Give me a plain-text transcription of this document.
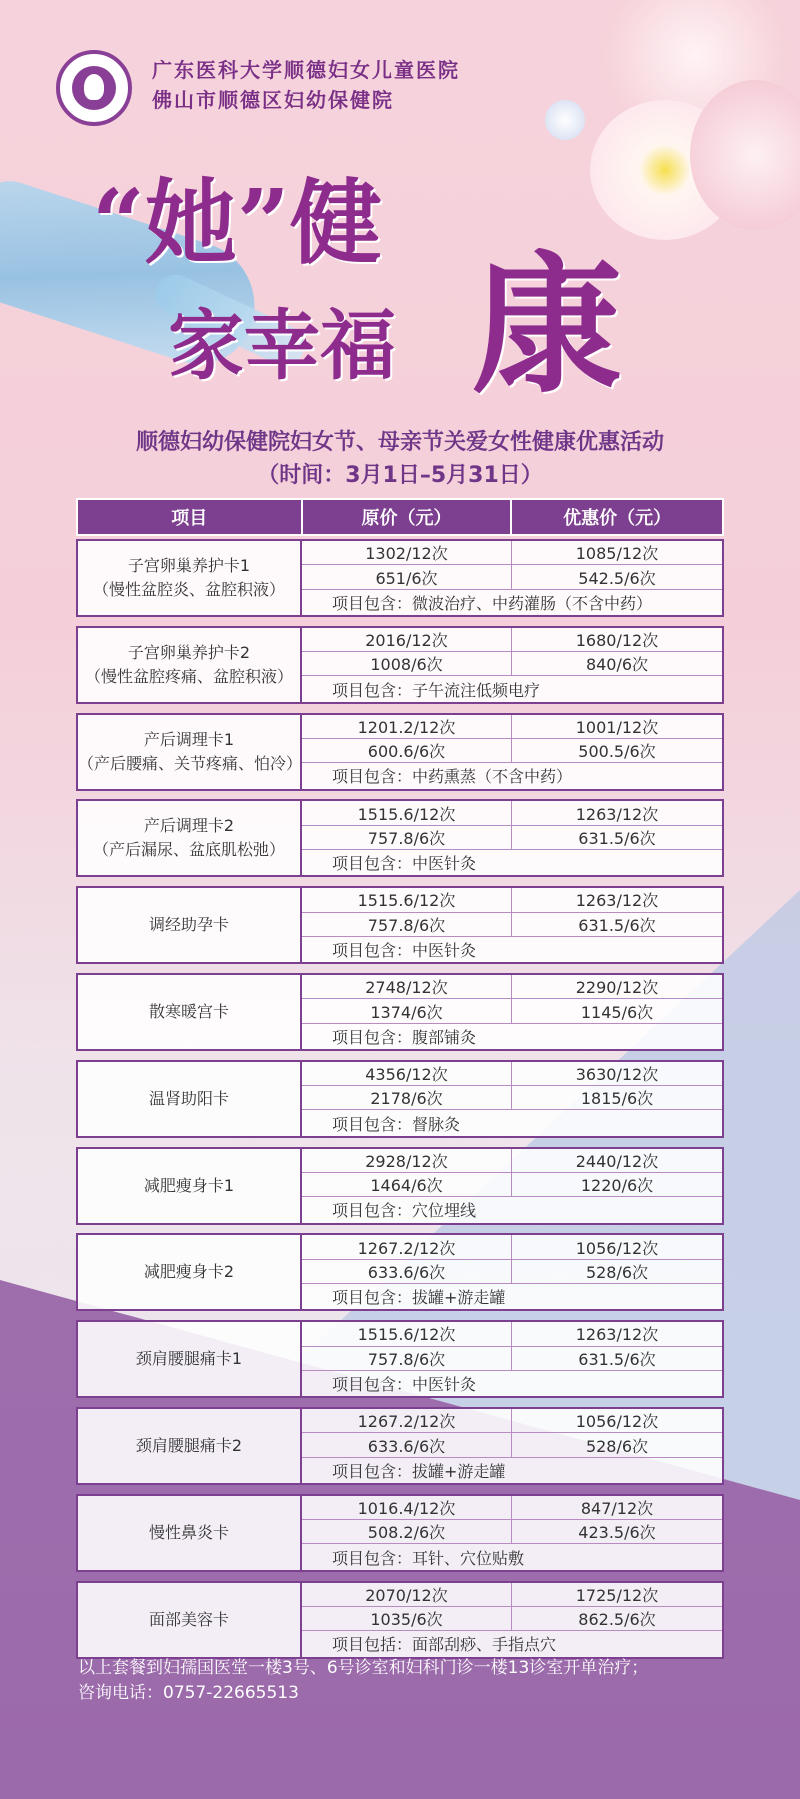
广东医科大学顺德妇女儿童医院
佛山市顺德区妇幼保健院
“她”健
家幸福 康
顺德妇幼保健院妇女节、母亲节关爱女性健康优惠活动
（时间：3月1日–5月31日）
项目	原价（元）	优惠价（元）
子宫卵巢养护卡1
（慢性盆腔炎、盆腔积液）
1302/12次	1085/12次
651/6次	542.5/6次
项目包含：微波治疗、中药灌肠（不含中药）
子宫卵巢养护卡2
（慢性盆腔疼痛、盆腔积液）
2016/12次	1680/12次
1008/6次	840/6次
项目包含：子午流注低频电疗
产后调理卡1
（产后腰痛、关节疼痛、怕冷）
1201.2/12次	1001/12次
600.6/6次	500.5/6次
项目包含：中药熏蒸（不含中药）
产后调理卡2
（产后漏尿、盆底肌松弛）
1515.6/12次	1263/12次
757.8/6次	631.5/6次
项目包含：中医针灸
调经助孕卡
1515.6/12次	1263/12次
757.8/6次	631.5/6次
项目包含：中医针灸
散寒暖宫卡
2748/12次	2290/12次
1374/6次	1145/6次
项目包含：腹部铺灸
温肾助阳卡
4356/12次	3630/12次
2178/6次	1815/6次
项目包含：督脉灸
减肥瘦身卡1
2928/12次	2440/12次
1464/6次	1220/6次
项目包含：穴位埋线
减肥瘦身卡2
1267.2/12次	1056/12次
633.6/6次	528/6次
项目包含：拔罐+游走罐
颈肩腰腿痛卡1
1515.6/12次	1263/12次
757.8/6次	631.5/6次
项目包含：中医针灸
颈肩腰腿痛卡2
1267.2/12次	1056/12次
633.6/6次	528/6次
项目包含：拔罐+游走罐
慢性鼻炎卡
1016.4/12次	847/12次
508.2/6次	423.5/6次
项目包含：耳针、穴位贴敷
面部美容卡
2070/12次	1725/12次
1035/6次	862.5/6次
项目包括：面部刮痧、手指点穴
以上套餐到妇孺国医堂一楼3号、6号诊室和妇科门诊一楼13诊室开单治疗；
咨询电话：0757-22665513
